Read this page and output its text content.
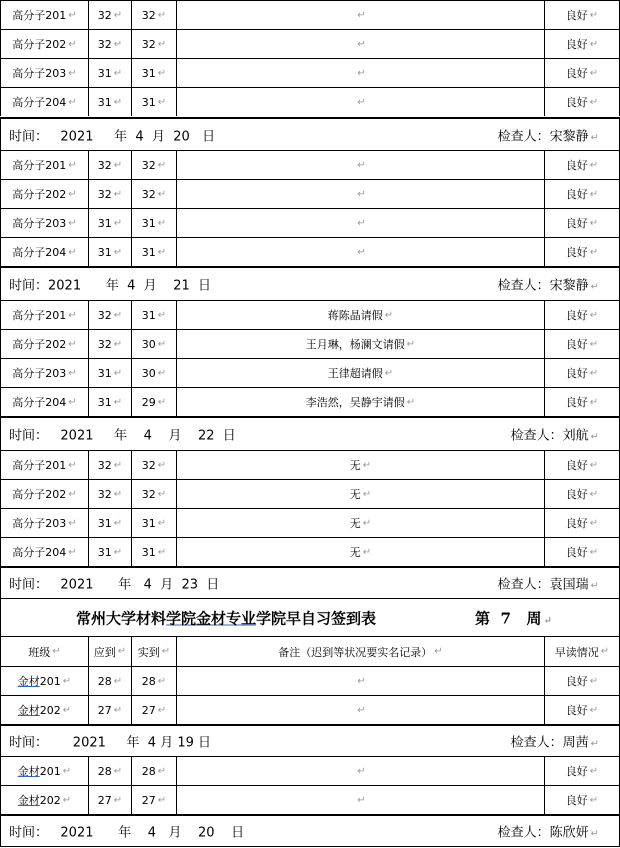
高分子201 ↵ 32 ↵ 32 ↵	↵	良好 ↵
高分子202 ↵ 32 ↵ 32 ↵	↵	良好 ↵
高分子203 ↵ 31 ↵ 31 ↵	↵	良好 ↵
高分子204 ↵ 31 ↵ 31 ↵	↵	良好 ↵
时间：   2021     年  4  月  20   日	检查人：宋黎静 ↵
高分子201 ↵ 32 ↵ 32 ↵	↵	良好 ↵
高分子202 ↵ 32 ↵ 32 ↵	↵	良好 ↵
高分子203 ↵ 31 ↵ 31 ↵	↵	良好 ↵
高分子204 ↵ 31 ↵ 31 ↵	↵	良好 ↵
时间：2021      年  4  月    21  日	检查人：宋黎静 ↵
高分子201 ↵ 32 ↵ 31 ↵	蒋陈晶请假 ↵	良好 ↵
高分子202 ↵ 32 ↵ 30 ↵	王月琳，杨澜文请假 ↵	良好 ↵
高分子203 ↵ 31 ↵ 30 ↵	王律超请假 ↵	良好 ↵
高分子204 ↵ 31 ↵ 29 ↵	李浩然，吴静宇请假 ↵	良好 ↵
时间：   2021     年    4    月    22  日	检查人：刘航 ↵
高分子201 ↵ 32 ↵ 32 ↵	无 ↵	良好 ↵
高分子202 ↵ 32 ↵ 32 ↵	无 ↵	良好 ↵
高分子203 ↵ 31 ↵ 31 ↵	无 ↵	良好 ↵
高分子204 ↵ 31 ↵ 31 ↵	无 ↵	良好 ↵
时间：   2021      年   4  月  23  日	检查人：袁国瑞 ↵
常州大学材料学院金材专业学院早自习签到表	第  7   周 ↵
班级 ↵	应到 ↵ 实到 ↵	备注（迟到等状况要实名记录） ↵	早读情况 ↵
金材 201 ↵ 28 ↵ 28 ↵	↵	良好 ↵
金材 202 ↵ 27 ↵ 27 ↵	↵	良好 ↵
时间：      2021     年  4 月 19 日	检查人：周茜 ↵
金材 201 ↵ 28 ↵ 28 ↵	↵	良好 ↵
金材 202 ↵ 27 ↵ 27 ↵	↵	良好 ↵
时间：   2021      年    4   月    20    日	检查人：陈欣妍 ↵
